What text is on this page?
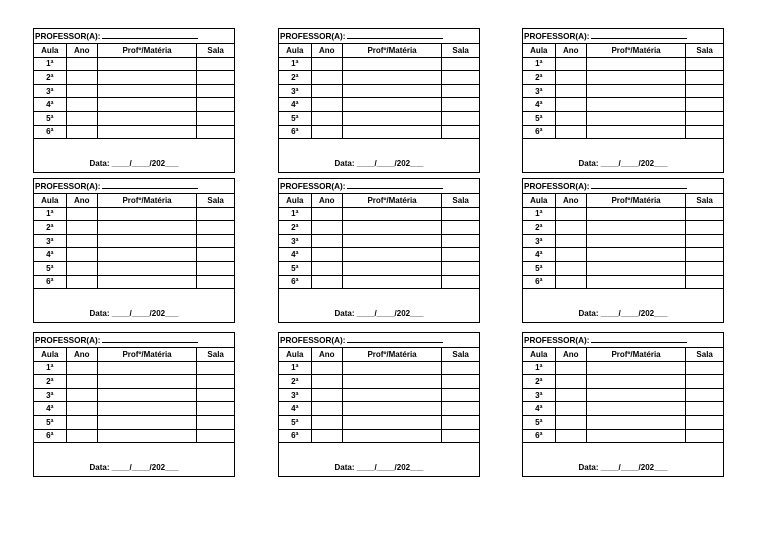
PROFESSOR(A):			
Aula	Ano	Profº/Matéria	Sala
1ª			
2ª			
3ª			
4ª			
5ª			
6ª			
Data: ____/____/202___			
PROFESSOR(A):			
Aula	Ano	Profº/Matéria	Sala
1ª			
2ª			
3ª			
4ª			
5ª			
6ª			
Data: ____/____/202___			
PROFESSOR(A):			
Aula	Ano	Profº/Matéria	Sala
1ª			
2ª			
3ª			
4ª			
5ª			
6ª			
Data: ____/____/202___			
PROFESSOR(A):			
Aula	Ano	Profº/Matéria	Sala
1ª			
2ª			
3ª			
4ª			
5ª			
6ª			
Data: ____/____/202___			
PROFESSOR(A):			
Aula	Ano	Profº/Matéria	Sala
1ª			
2ª			
3ª			
4ª			
5ª			
6ª			
Data: ____/____/202___			
PROFESSOR(A):			
Aula	Ano	Profº/Matéria	Sala
1ª			
2ª			
3ª			
4ª			
5ª			
6ª			
Data: ____/____/202___			
PROFESSOR(A):			
Aula	Ano	Profº/Matéria	Sala
1ª			
2ª			
3ª			
4ª			
5ª			
6ª			
Data: ____/____/202___			
PROFESSOR(A):			
Aula	Ano	Profº/Matéria	Sala
1ª			
2ª			
3ª			
4ª			
5ª			
6ª			
Data: ____/____/202___			
PROFESSOR(A):			
Aula	Ano	Profº/Matéria	Sala
1ª			
2ª			
3ª			
4ª			
5ª			
6ª			
Data: ____/____/202___			
